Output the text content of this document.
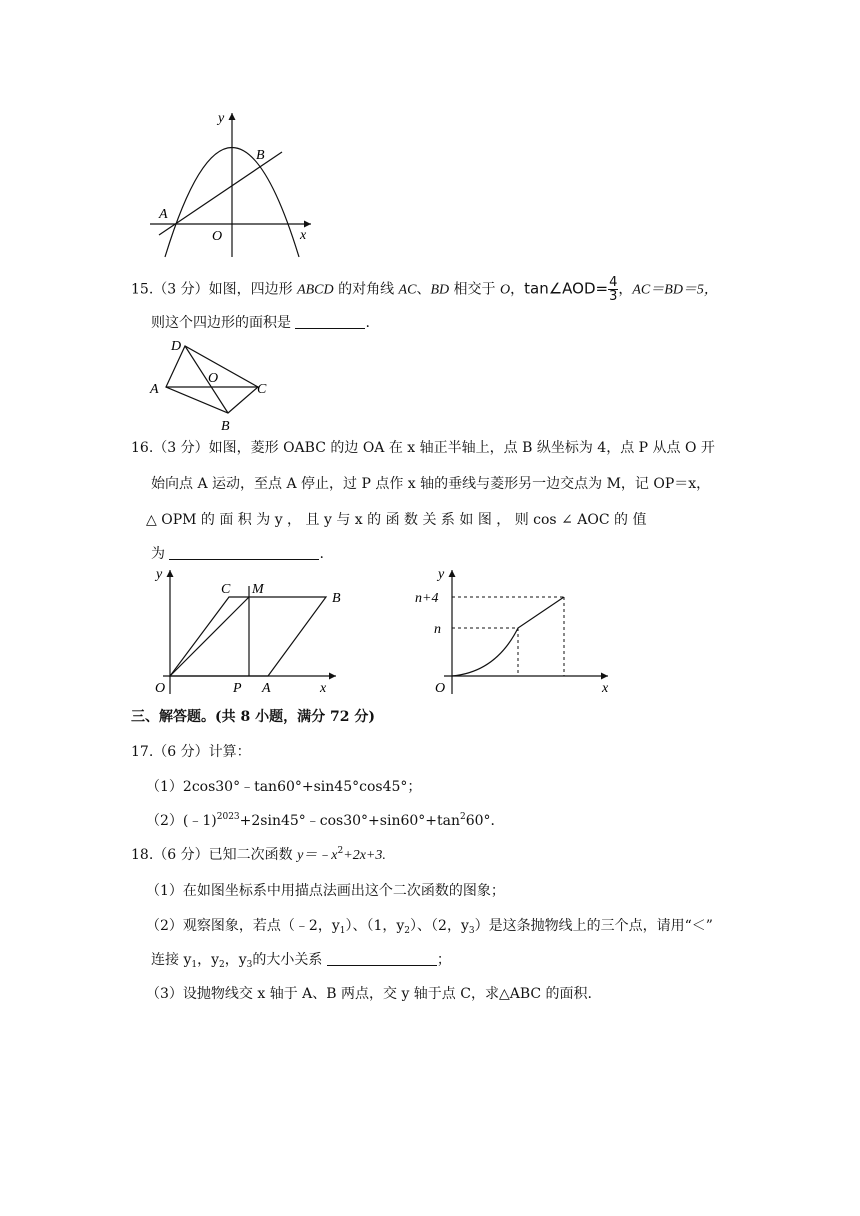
y
x
A
B
O
15.（3 分）如图，四边形 ABCD 的对角线 AC、BD 相交于 O，tan∠AOD= $\frac{4}{3}$ ，AC＝BD＝5，
则这个四边形的面积是	.
D
O
A	C
B
16.（3 分）如图，菱形 OABC 的边 OA 在 x 轴正半轴上，点 B 纵坐标为 4，点 P 从点 O 开
始向点 A 运动，至点 A 停止，过 P 点作 x 轴的垂线与菱形另一边交点为 M，记 OP＝x，
△ OPM 的 面 积 为 y ， 且 y 与 x 的 函 数 关 系 如 图 ， 则 cos ∠ AOC 的 值
为	.
y
C M
B
O	P A	x
y
n+4
n
O	x
三、解答题。(共 8 小题，满分 72 分)
17.（6 分）计算：
（1）2cos30°﹣tan60°+sin45°cos45°；
$(2)(﹣1)^{2023}+2\sin 45^\circ﹣\cos 30^\circ+\sin 60^\circ+\tan^260^\circ$．
18.（6 分）已知二次函数 $y=﹣x^2+2x+3$.
（1）在如图坐标系中用描点法画出这个二次函数的图象；
（2）观察图象，若点（﹣2，$y_1$）、（1，$y_2$）、（2，$y_3$）是这条抛物线上的三个点，请用“＜”
连接 $y_1$，$y_2$，$y_3$的大小关系	；
（3）设抛物线交 x 轴于 A、B 两点，交 y 轴于点 C，求△ABC 的面积.
